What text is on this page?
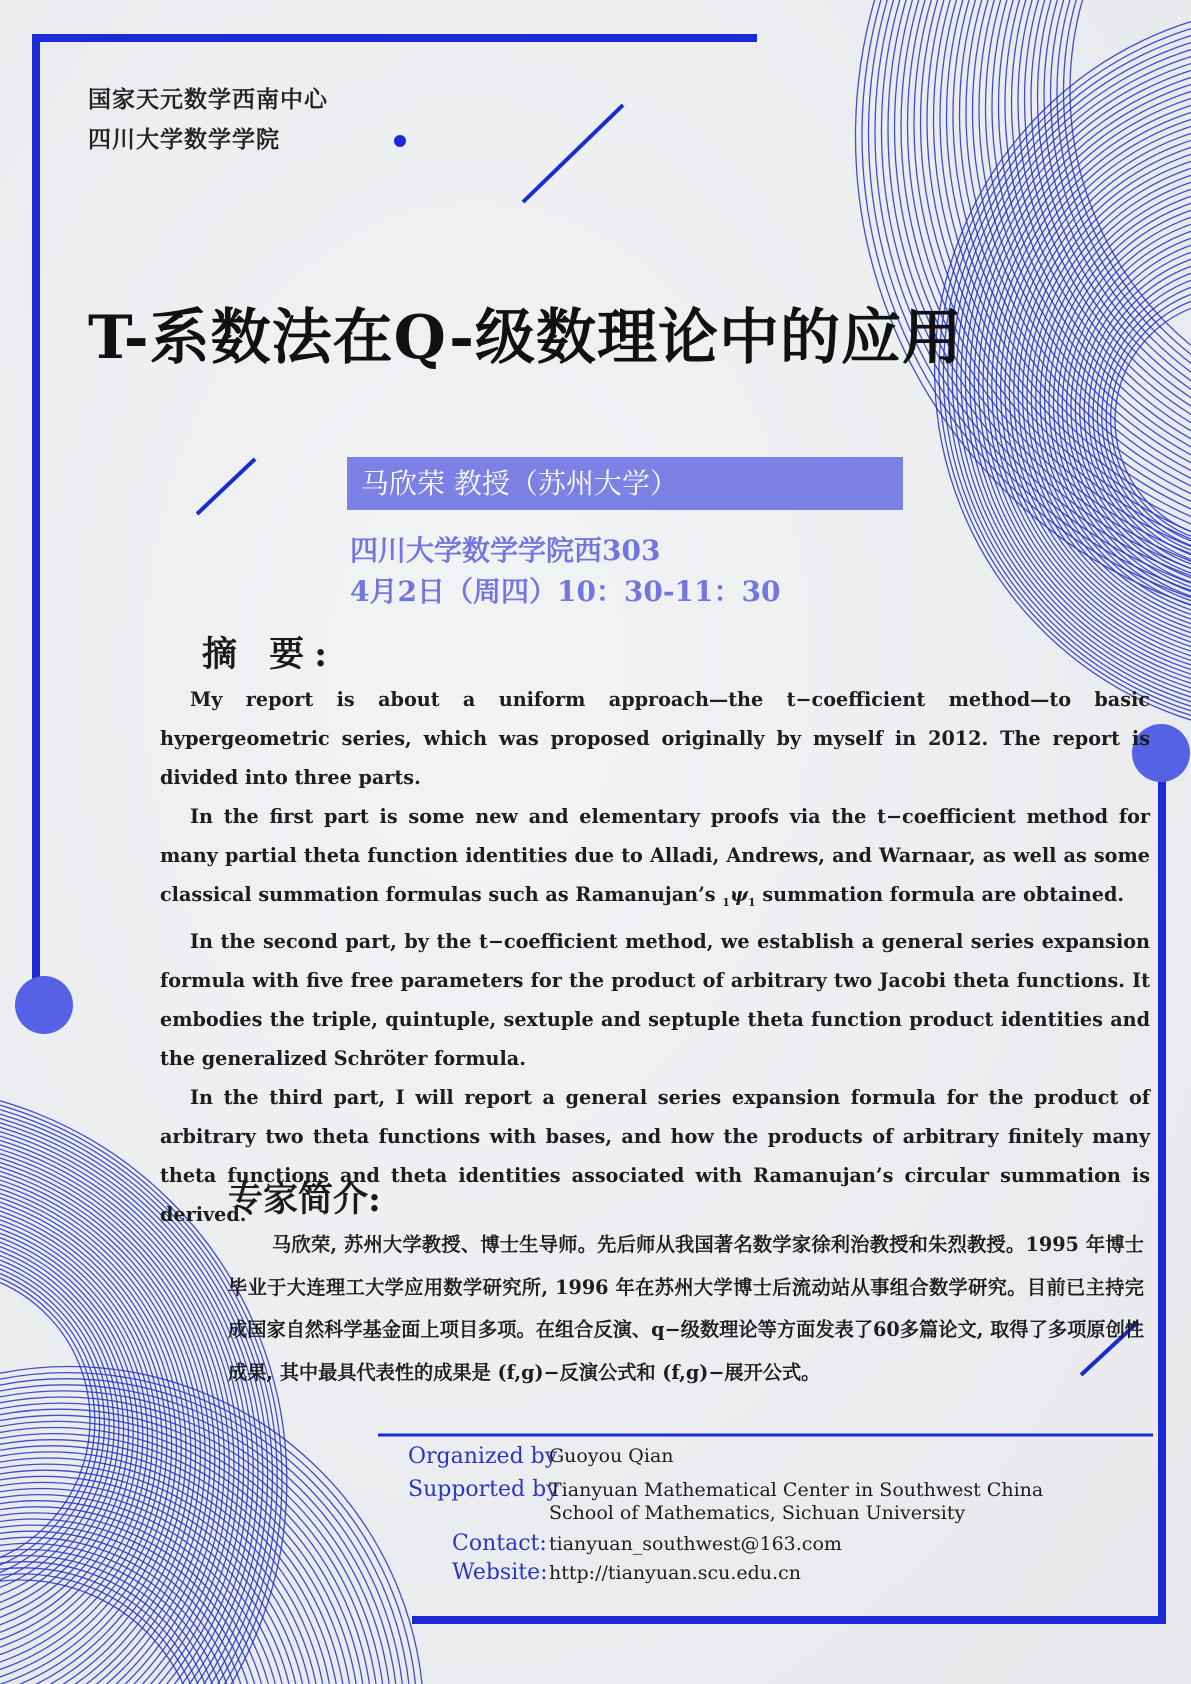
国家天元数学西南中心
四川大学数学学院
T-系数法在Q-级数理论中的应用
马欣荣 教授（苏州大学）
四川大学数学学院西303
4月2日（周四）10：30-11：30
摘 要:

My report is about a uniform approach—the t−coefficient method—to basic hypergeometric series, which was proposed originally by myself in 2012. The report is divided into three parts.

In the first part is some new and elementary proofs via the t−coefficient method for many partial theta function identities due to Alladi, Andrews, and Warnaar, as well as some classical summation formulas such as Ramanujan’s $_1\psi_1$ summation formula are obtained.

In the second part, by the t−coefficient method, we establish a general series expansion formula with five free parameters for the product of arbitrary two Jacobi theta functions. It embodies the triple, quintuple, sextuple and septuple theta function product identities and the generalized Schröter formula.

In the third part, I will report a general series expansion formula for the product of arbitrary two theta functions with bases, and how the products of arbitrary finitely many theta functions and theta identities associated with Ramanujan’s circular summation is derived.

专家简介:
马欣荣, 苏州大学教授、博士生导师。先后师从我国著名数学家徐利治教授和朱烈教授。1995 年博士毕业于大连理工大学应用数学研究所, 1996 年在苏州大学博士后流动站从事组合数学研究。目前已主持完成国家自然科学基金面上项目多项。在组合反演、q−级数理论等方面发表了60多篇论文, 取得了多项原创性成果, 其中最具代表性的成果是 (f,g)−反演公式和 (f,g)−展开公式。
Organized by
Guoyou Qian
Supported by
Tianyuan Mathematical Center in Southwest China
School of Mathematics, Sichuan University
Contact: tianyuan_southwest@163.com
Website: http://tianyuan.scu.edu.cn
